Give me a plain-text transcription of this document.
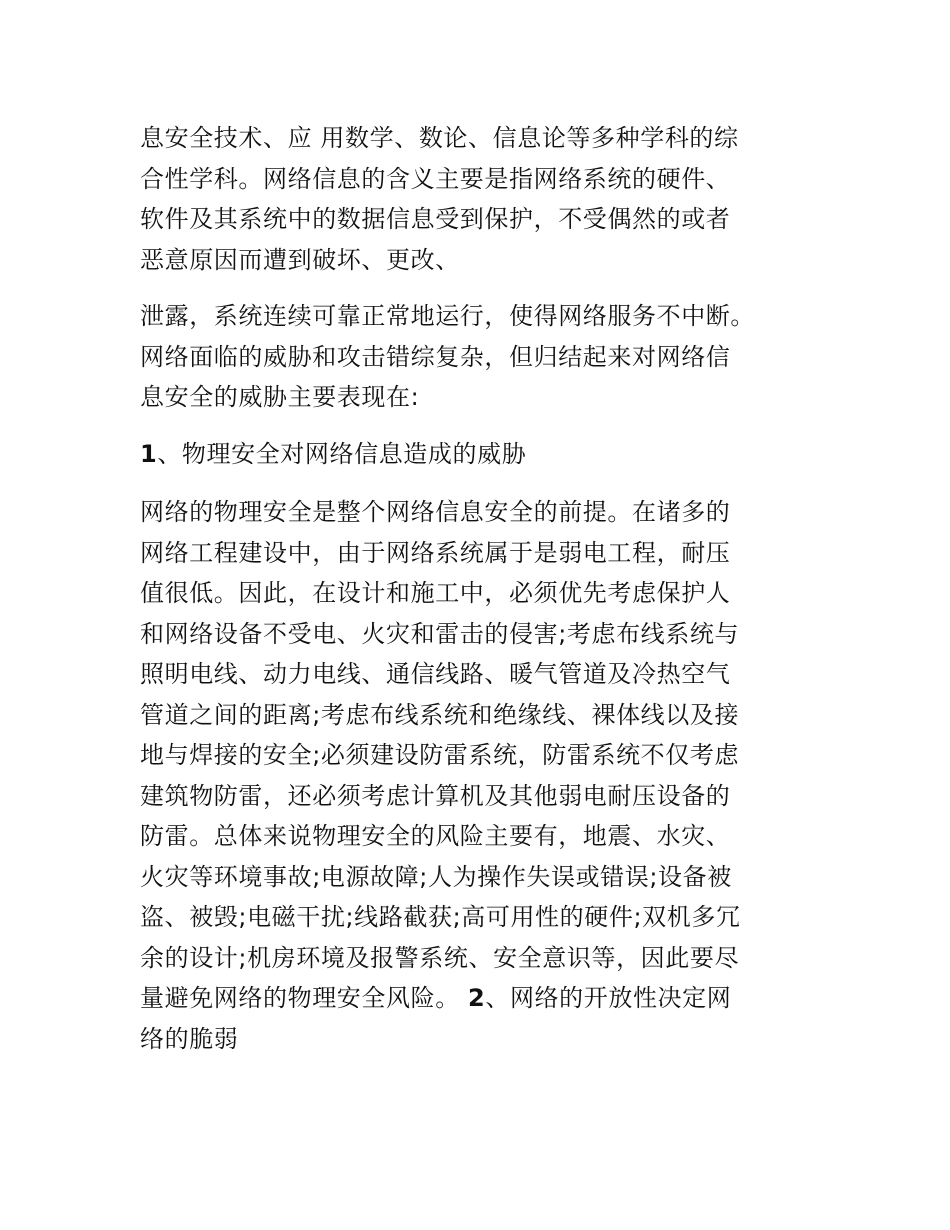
息安全技术、应 用数学、数论、信息论等多种学科的综
合性学科。网络信息的含义主要是指网络系统的硬件、
软件及其系统中的数据信息受到保护，不受偶然的或者
恶意原因而遭到破坏、更改、

泄露，系统连续可靠正常地运行，使得网络服务不中断。
网络面临的威胁和攻击错综复杂，但归结起来对网络信
息安全的威胁主要表现在:

1、物理安全对网络信息造成的威胁

网络的物理安全是整个网络信息安全的前提。在诸多的
网络工程建设中，由于网络系统属于是弱电工程，耐压
值很低。因此，在设计和施工中，必须优先考虑保护人
和网络设备不受电、火灾和雷击的侵害;考虑布线系统与
照明电线、动力电线、通信线路、暖气管道及冷热空气
管道之间的距离;考虑布线系统和绝缘线、裸体线以及接
地与焊接的安全;必须建设防雷系统，防雷系统不仅考虑
建筑物防雷，还必须考虑计算机及其他弱电耐压设备的
防雷。总体来说物理安全的风险主要有，地震、水灾、
火灾等环境事故;电源故障;人为操作失误或错误;设备被
盗、被毁;电磁干扰;线路截获;高可用性的硬件;双机多冗
余的设计;机房环境及报警系统、安全意识等，因此要尽
量避免网络的物理安全风险。 2、网络的开放性决定网
络的脆弱
